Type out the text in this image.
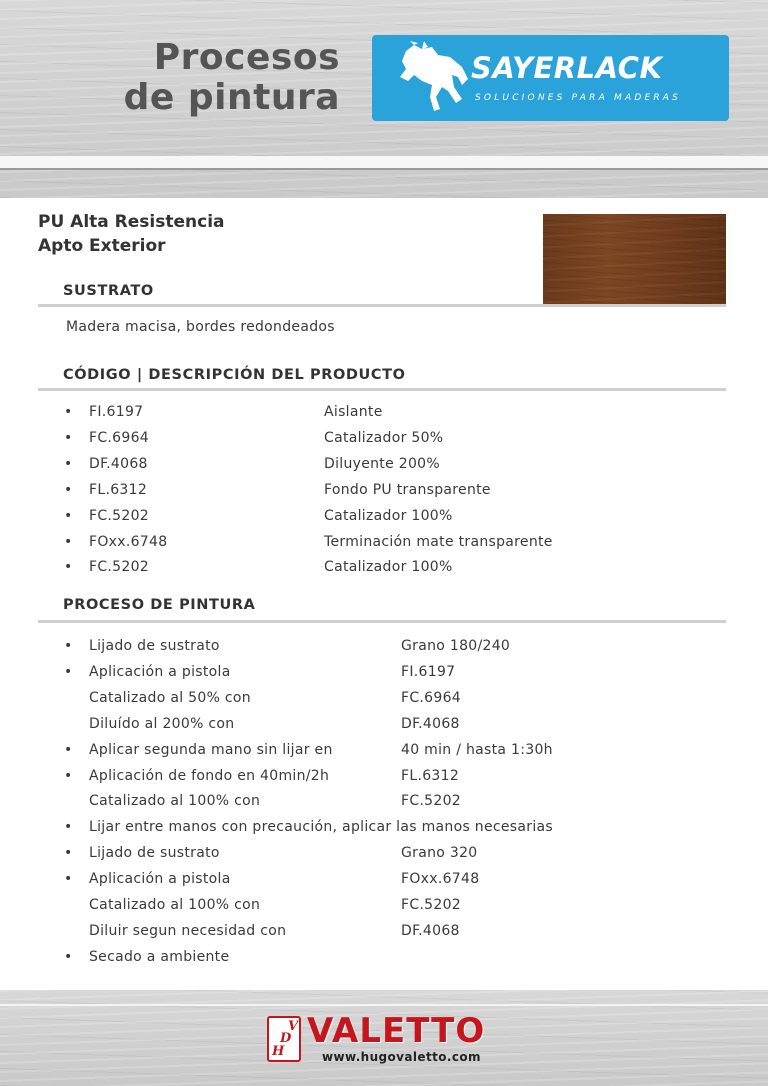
Procesos
de pintura
SAYERLACK
SOLUCIONES PARA MADERAS
PU Alta Resistencia
Apto Exterior
SUSTRATO
Madera macisa, bordes redondeados
CÓDIGO | DESCRIPCIÓN DEL PRODUCTO
• FI.6197	Aislante
• FC.6964	Catalizador 50%
• DF.4068	Diluyente 200%
• FL.6312	Fondo PU transparente
• FC.5202	Catalizador 100%
• FOxx.6748	Terminación mate transparente
• FC.5202	Catalizador 100%
PROCESO DE PINTURA
• Lijado de sustrato	Grano 180/240
• Aplicación a pistola	FI.6197
Catalizado al 50% con	FC.6964
Diluído al 200% con	DF.4068
• Aplicar segunda mano sin lijar en	40 min / hasta 1:30h
• Aplicación de fondo en 40min/2h	FL.6312
Catalizado al 100% con	FC.5202
• Lijar entre manos con precaución, aplicar las manos necesarias
• Lijado de sustrato	Grano 320
• Aplicación a pistola	FOxx.6748
Catalizado al 100% con	FC.5202
Diluir segun necesidad con	DF.4068
• Secado a ambiente
H
D
V VALETTO
www.hugovaletto.com
